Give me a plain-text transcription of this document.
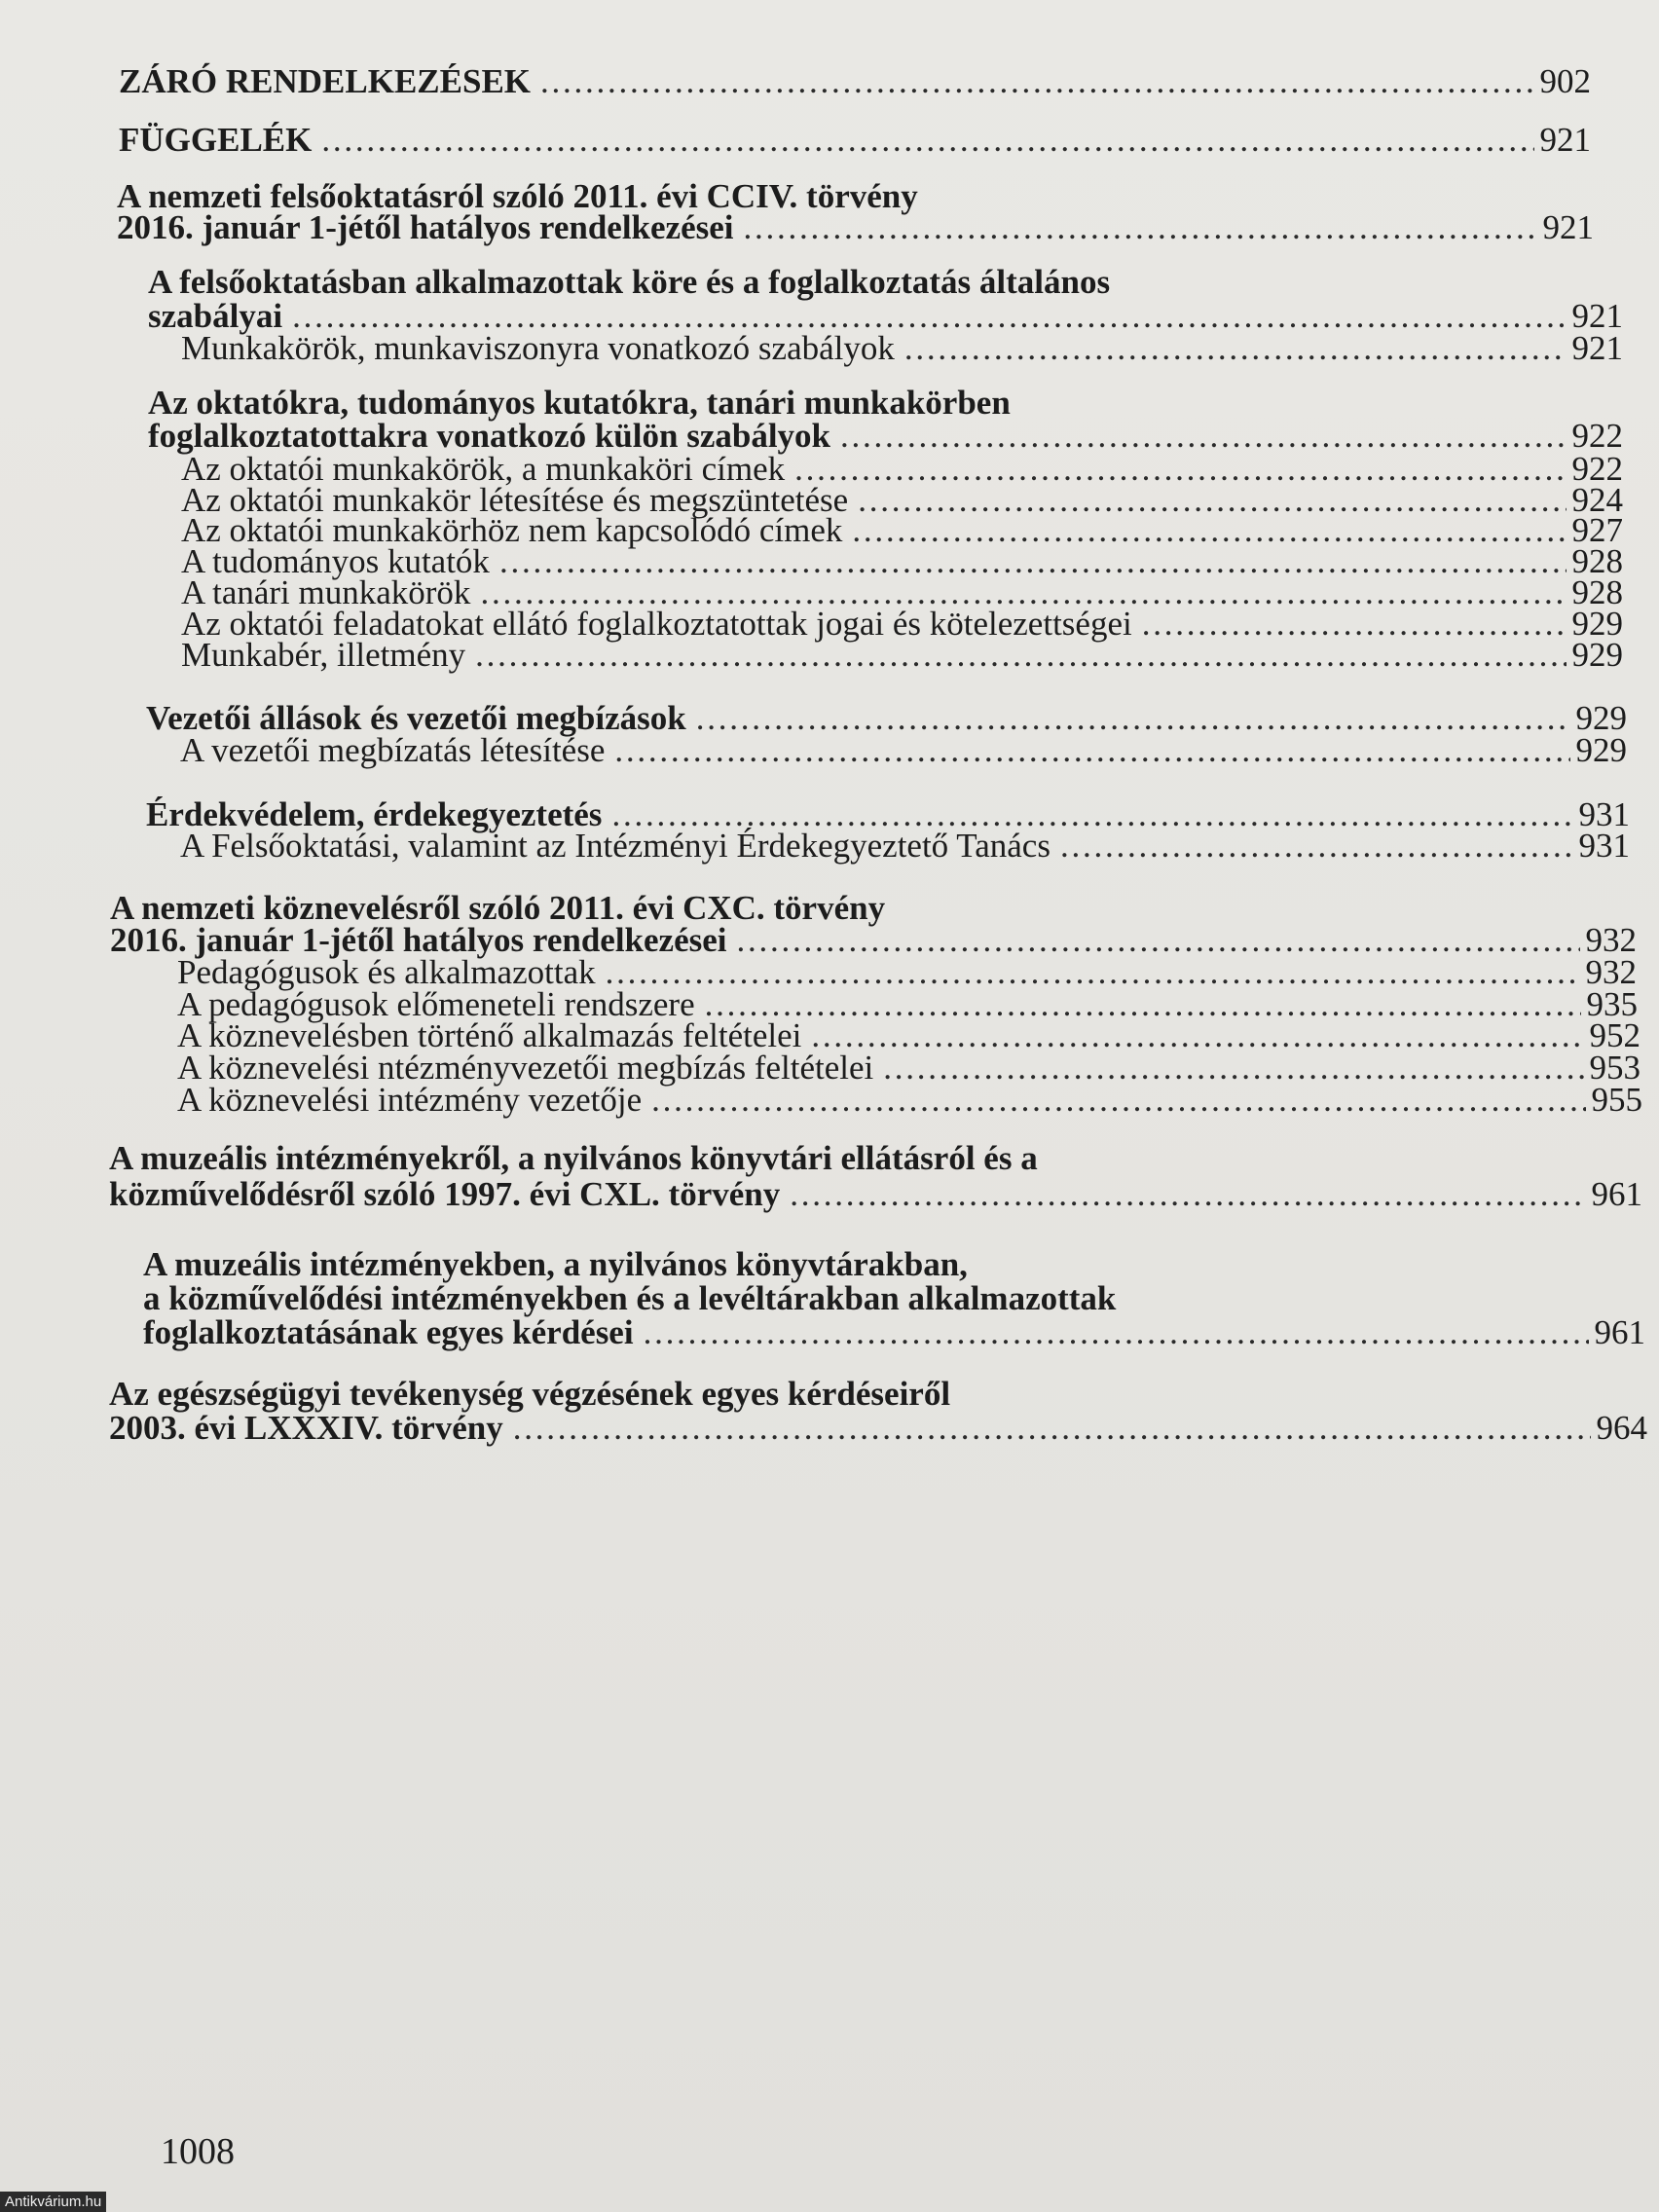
ZÁRÓ RENDELKEZÉSEK . . .	902
FÜGGELÉK . . .	921
A nemzeti felsőoktatásról szóló 2011. évi CCIV. törvény
2016. január 1-jétől hatályos rendelkezései . . .	921
A felsőoktatásban alkalmazottak köre és a foglalkoztatás általános
szabályai . . .	921
Munkakörök, munkaviszonyra vonatkozó szabályok . . .	921
Az oktatókra, tudományos kutatókra, tanári munkakörben
foglalkoztatottakra vonatkozó külön szabályok . . .	922
Az oktatói munkakörök, a munkaköri címek . . .	922
Az oktatói munkakör létesítése és megszüntetése . . .	924
Az oktatói munkakörhöz nem kapcsolódó címek . . .	927
A tudományos kutatók . . .	928
A tanári munkakörök . . .	928
Az oktatói feladatokat ellátó foglalkoztatottak jogai és kötelezettségei . . .	929
Munkabér, illetmény . . .	929
Vezetői állások és vezetői megbízások . . .	929
A vezetői megbízatás létesítése . . .	929
Érdekvédelem, érdekegyeztetés . . .	931
A Felsőoktatási, valamint az Intézményi Érdekegyeztető Tanács . . .	931
A nemzeti köznevelésről szóló 2011. évi CXC. törvény
2016. január 1-jétől hatályos rendelkezései . . .	932
Pedagógusok és alkalmazottak . . .	932
A pedagógusok előmeneteli rendszere . . .	935
A köznevelésben történő alkalmazás feltételei . . .	952
A köznevelési ntézményvezetői megbízás feltételei . . .	953
A köznevelési intézmény vezetője . . .	955
A muzeális intézményekről, a nyilvános könyvtári ellátásról és a
közművelődésről szóló 1997. évi CXL. törvény . . .	961
A muzeális intézményekben, a nyilvános könyvtárakban,
a közművelődési intézményekben és a levéltárakban alkalmazottak
foglalkoztatásának egyes kérdései . . .	961
Az egészségügyi tevékenység végzésének egyes kérdéseiről
2003. évi LXXXIV. törvény . . .	964
1008
Antikvárium.hu
